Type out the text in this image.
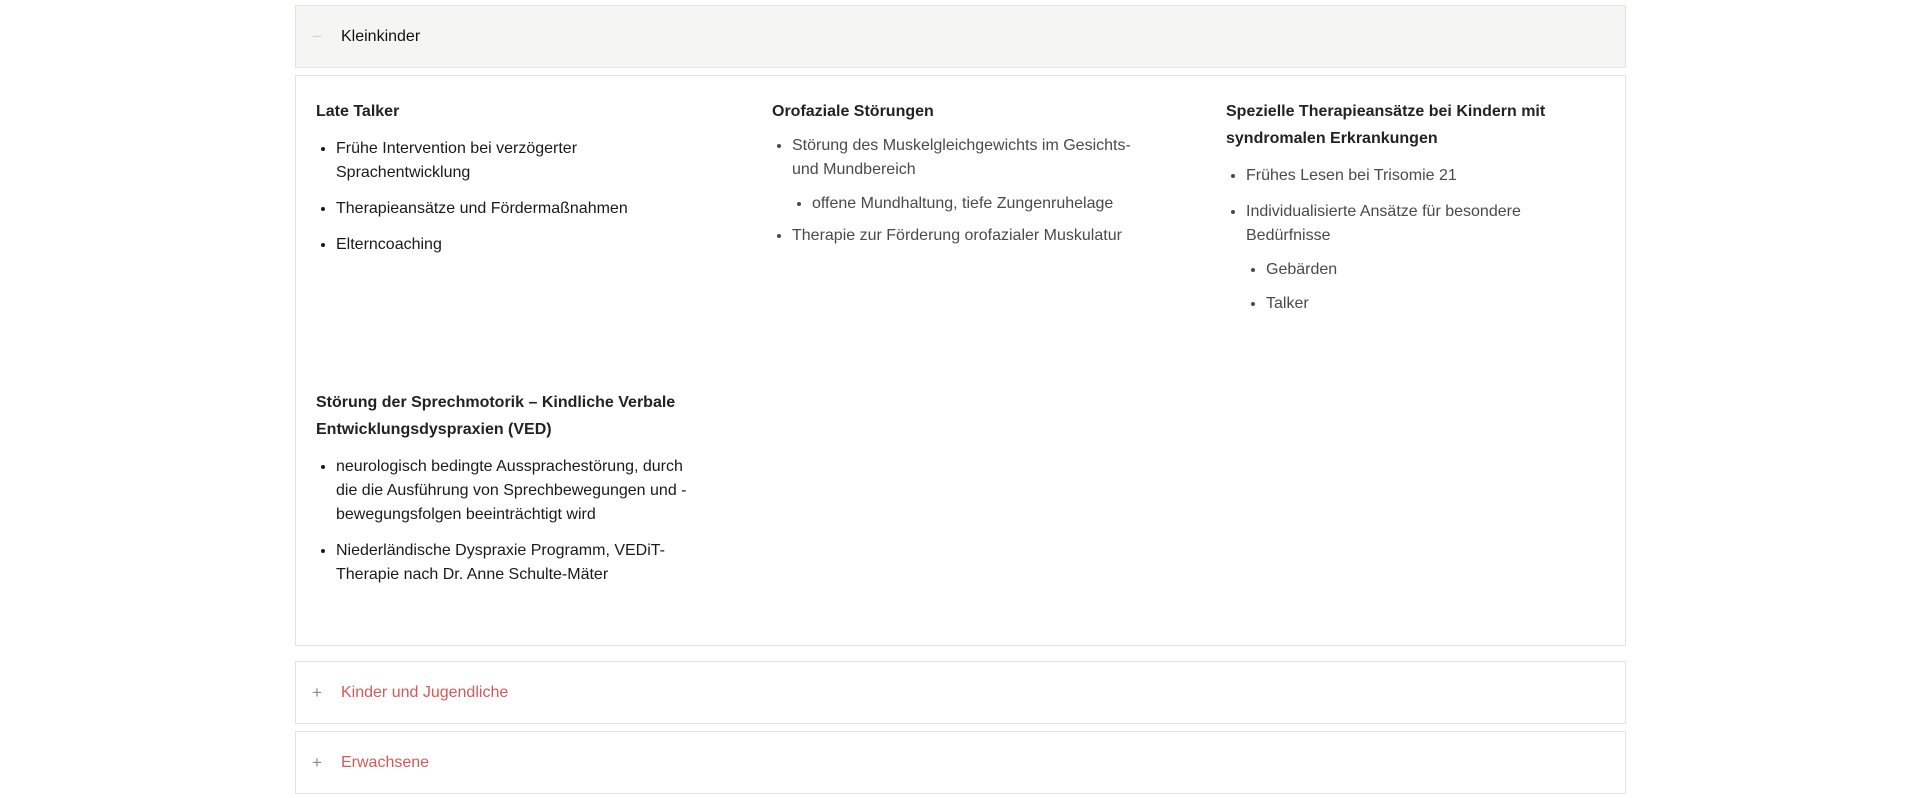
− Kleinkinder
Late Talker
• Frühe Intervention bei verzögerter Sprachentwicklung
• Therapieansätze und Fördermaßnahmen
• Elterncoaching
Orofaziale Störungen
• Störung des Muskelgleichgewichts im Gesichts- und Mundbereich
• offene Mundhaltung, tiefe Zungenruhelage
• Therapie zur Förderung orofazialer Muskulatur
Spezielle Therapieansätze bei Kindern mit syndromalen Erkrankungen
• Frühes Lesen bei Trisomie 21
• Individualisierte Ansätze für besondere Bedürfnisse
• Gebärden
• Talker
Störung der Sprechmotorik – Kindliche Verbale Entwicklungsdyspraxien (VED)
• neurologisch bedingte Aussprachestörung, durch die die Ausführung von Sprechbewegungen und -bewegungsfolgen beeinträchtigt wird
• Niederländische Dyspraxie Programm, VEDiT-Therapie nach Dr. Anne Schulte-Mäter
+ Kinder und Jugendliche
+ Erwachsene
